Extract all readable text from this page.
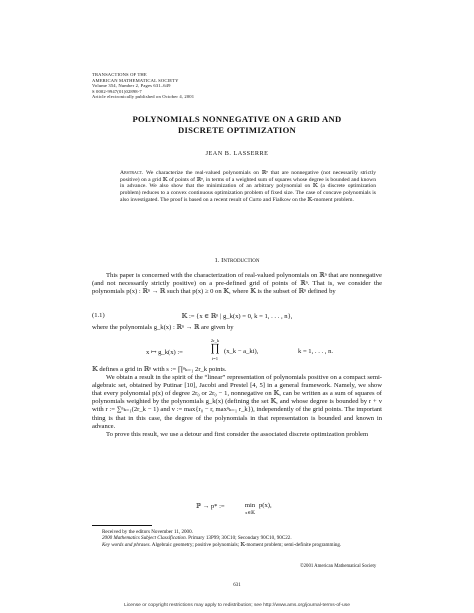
TRANSACTIONS OF THE
AMERICAN MATHEMATICAL SOCIETY
Volume 354, Number 2, Pages 631–649
S 0002-9947(01)02898-7
Article electronically published on October 4, 2001
POLYNOMIALS NONNEGATIVE ON A GRID AND
DISCRETE OPTIMIZATION
JEAN B. LASSERRE
Abstract. We characterize the real-valued polynomials on ℝⁿ that are nonnegative (not necessarily strictly positive) on a grid 𝕂 of points of ℝⁿ, in terms of a weighted sum of squares whose degree is bounded and known in advance. We also show that the minimization of an arbitrary polynomial on 𝕂 (a discrete optimization problem) reduces to a convex continuous optimization problem of fixed size. The case of concave polynomials is also investigated. The proof is based on a recent result of Curto and Fialkow on the 𝕂-moment problem.
1. Introduction

This paper is concerned with the characterization of real-valued polynomials on ℝⁿ that are nonnegative (and not necessarily strictly positive) on a pre-defined grid of points of ℝⁿ. That is, we consider the polynomials p(x) : ℝⁿ → ℝ such that p(x) ≥ 0 on 𝕂, where 𝕂 is the subset of ℝⁿ defined by

(1.1)	𝕂 := {x ∈ ℝⁿ | g_k(x) = 0, k = 1, . . . , n},

where the polynomials g_k(x) : ℝⁿ → ℝ are given by

x ↦ g_k(x) :=
2r_k
∏
i=1
(x_k − a_ki),	k = 1, . . . , n.

𝕂 defines a grid in ℝⁿ with s := ∏ⁿₖ₌₁ 2r_k points.

We obtain a result in the spirit of the “linear” representation of polynomials positive on a compact semi-algebraic set, obtained by Putinar [10], Jacobi and Prestel [4, 5] in a general framework. Namely, we show that every polynomial p(x) of degree 2r₀ or 2r₀ − 1, nonnegative on 𝕂, can be written as a sum of squares of polynomials weighted by the polynomials g_k(x) (defining the set 𝕂, and whose degree is bounded by r + v with r := ∑ⁿₖ₌₁(2r_k − 1) and v := max{r₀ − r, maxⁿₖ₌₁ r_k}), independently of the grid points. The important thing is that in this case, the degree of the polynomials in that representation is bounded and known in advance.

To prove this result, we use a detour and first consider the associated discrete optimization problem

ℙ → p* :=	min
x∈𝕂
p(x),
Received by the editors November 11, 2000.
2000 Mathematics Subject Classification. Primary 13P99; 30C10; Secondary 90C10, 90C22.
Key words and phrases. Algebraic geometry; positive polynomials; 𝕂-moment problem; semi-definite programming.
©2001 American Mathematical Society
631
License or copyright restrictions may apply to redistribution; see http://www.ams.org/journal-terms-of-use
